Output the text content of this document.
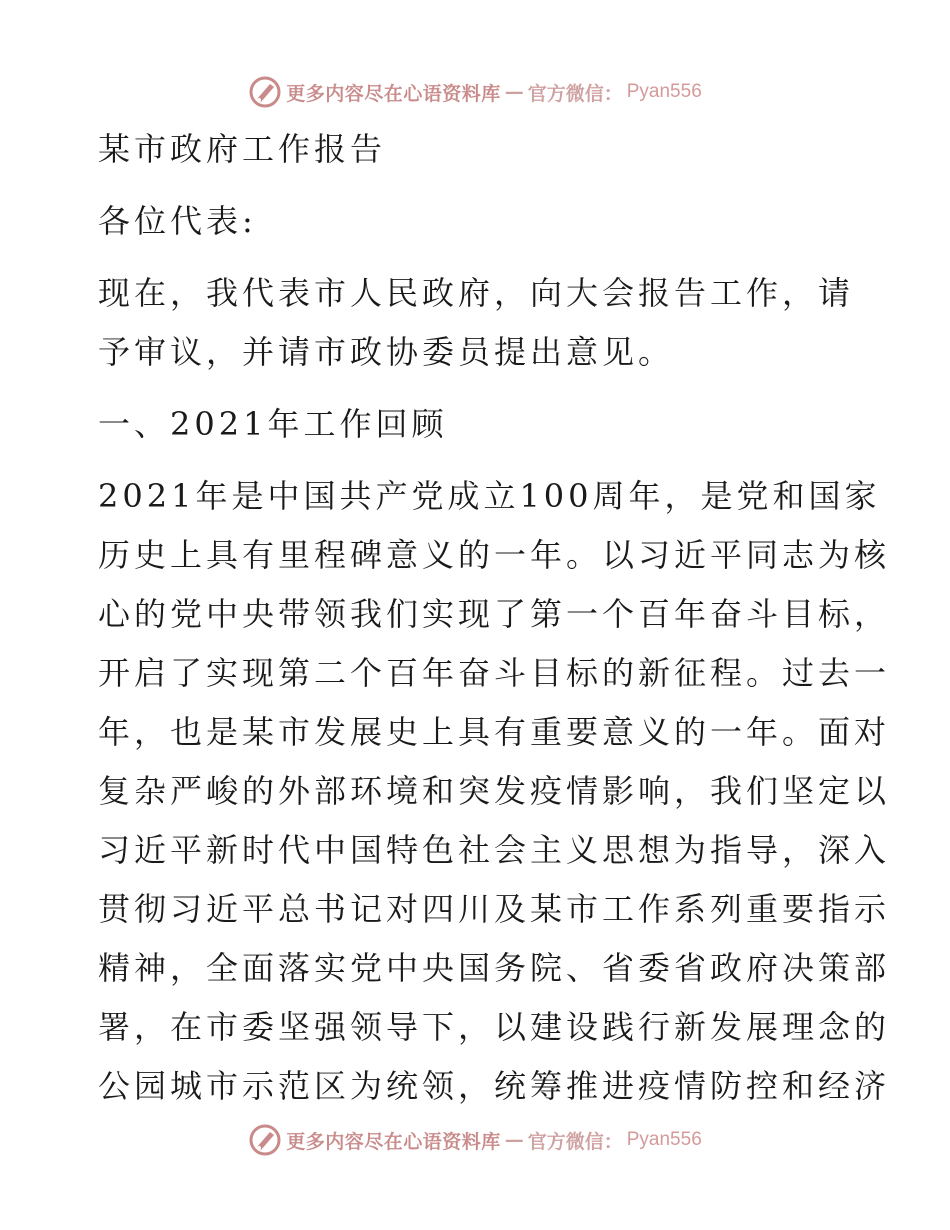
更多内容尽在心语资料库 — 官方微信： Pyan556
某市政府工作报告
各位代表:
现在，我代表市人民政府，向大会报告工作，请
予审议，并请市政协委员提出意见。
一、2021年工作回顾
2021年是中国共产党成立100周年，是党和国家
历史上具有里程碑意义的一年。以习近平同志为核
心的党中央带领我们实现了第一个百年奋斗目标，
开启了实现第二个百年奋斗目标的新征程。过去一
年，也是某市发展史上具有重要意义的一年。面对
复杂严峻的外部环境和突发疫情影响，我们坚定以
习近平新时代中国特色社会主义思想为指导，深入
贯彻习近平总书记对四川及某市工作系列重要指示
精神，全面落实党中央国务院、省委省政府决策部
署，在市委坚强领导下，以建设践行新发展理念的
公园城市示范区为统领，统筹推进疫情防控和经济
更多内容尽在心语资料库 — 官方微信： Pyan556
